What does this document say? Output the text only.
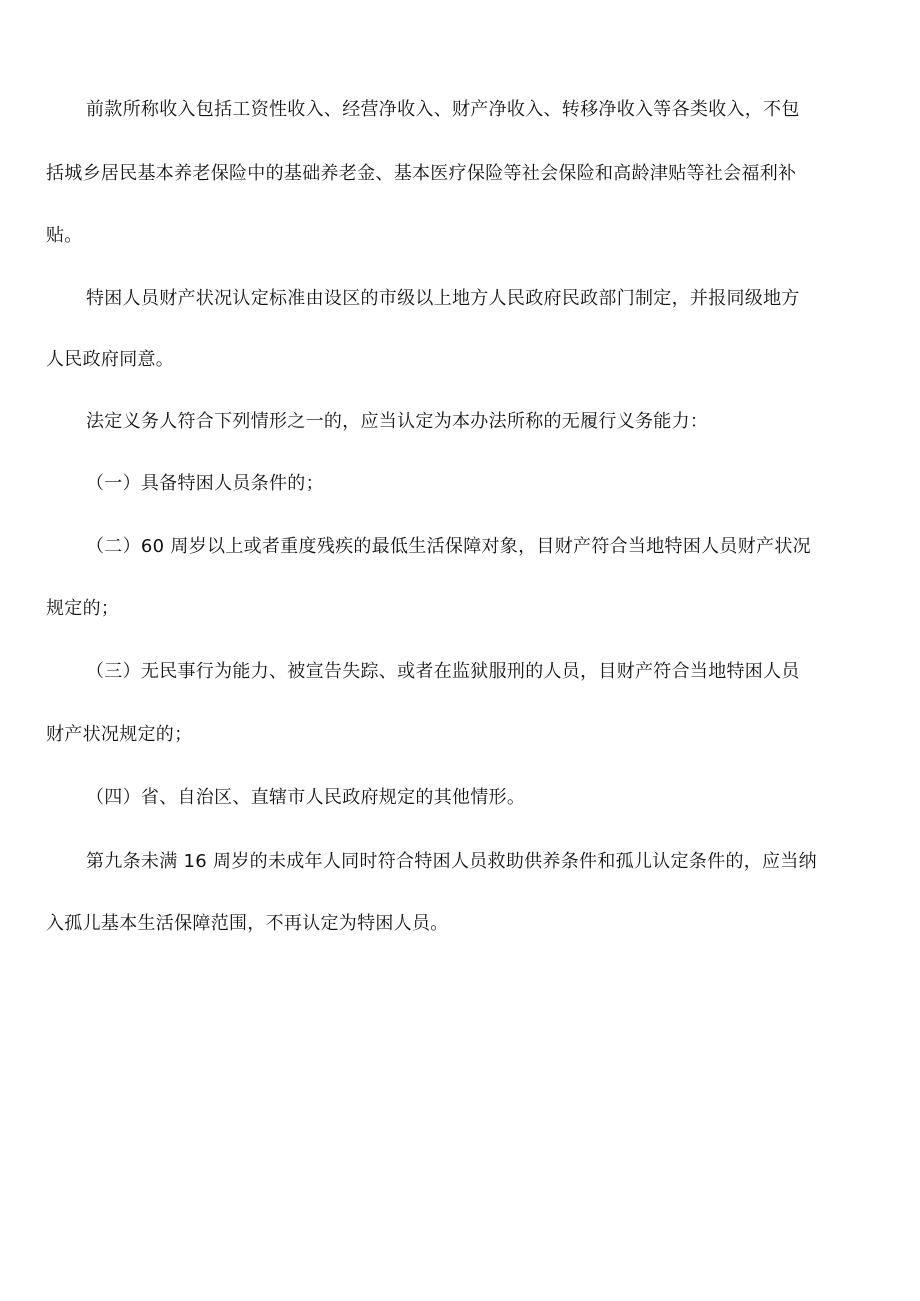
前款所称收入包括工资性收入、经营净收入、财产净收入、转移净收入等各类收入，不包
括城乡居民基本养老保险中的基础养老金、基本医疗保险等社会保险和高龄津贴等社会福利补
贴。
特困人员财产状况认定标准由设区的市级以上地方人民政府民政部门制定，并报同级地方
人民政府同意。
法定义务人符合下列情形之一的，应当认定为本办法所称的无履行义务能力：
（一）具备特困人员条件的；
（二）60 周岁以上或者重度残疾的最低生活保障对象，目财产符合当地特困人员财产状况
规定的；
（三）无民事行为能力、被宣告失踪、或者在监狱服刑的人员，目财产符合当地特困人员
财产状况规定的；
（四）省、自治区、直辖市人民政府规定的其他情形。
第九条未满 16 周岁的未成年人同时符合特困人员救助供养条件和孤儿认定条件的，应当纳
入孤儿基本生活保障范围，不再认定为特困人员。
